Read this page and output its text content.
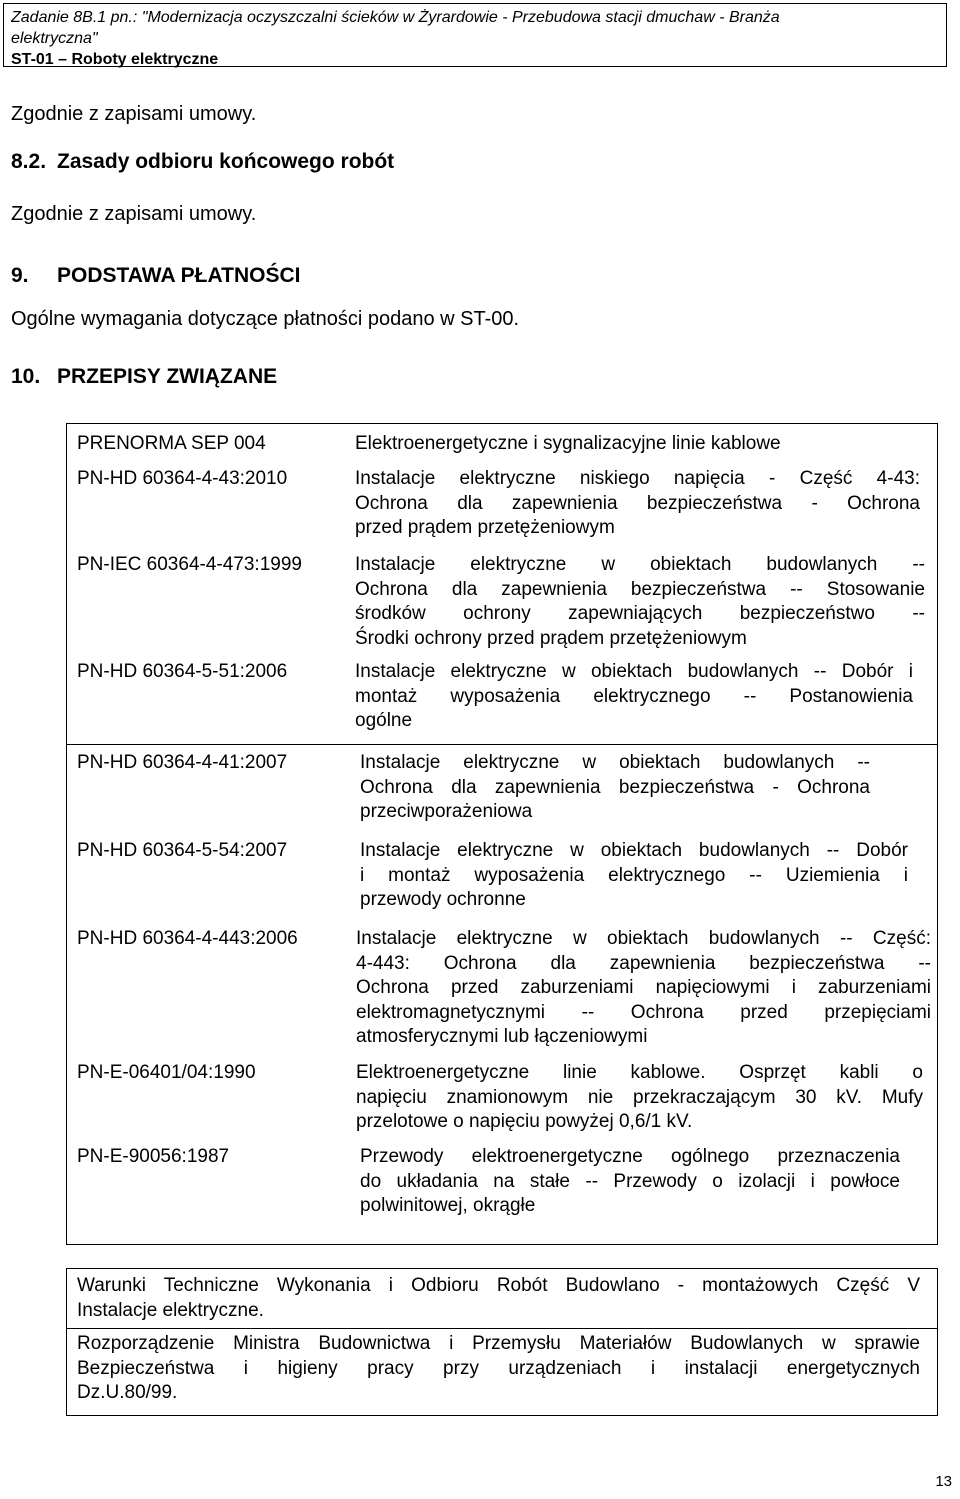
Zadanie 8B.1 pn.: "Modernizacja oczyszczalni ścieków w Żyrardowie - Przebudowa stacji dmuchaw - Branża
elektryczna"
ST-01 – Roboty elektryczne
Zgodnie z zapisami umowy.
8.2. Zasady odbioru końcowego robót
Zgodnie z zapisami umowy.
9. PODSTAWA PŁATNOŚCI
Ogólne wymagania dotyczące płatności podano w ST-00.
10. PRZEPISY ZWIĄZANE
PRENORMA SEP 004	Elektroenergetyczne i sygnalizacyjne linie kablowe
PN-HD 60364-4-43:2010	Instalacje elektryczne niskiego napięcia - Część 4-43:
Ochrona dla zapewnienia bezpieczeństwa - Ochrona
przed prądem przetężeniowym
PN-IEC 60364-4-473:1999	Instalacje elektryczne w obiektach budowlanych --
Ochrona dla zapewnienia bezpieczeństwa -- Stosowanie
środków ochrony zapewniających bezpieczeństwo --
Środki ochrony przed prądem przetężeniowym
PN-HD 60364-5-51:2006	Instalacje elektryczne w obiektach budowlanych -- Dobór i
montaż wyposażenia elektrycznego -- Postanowienia
ogólne
PN-HD 60364-4-41:2007	Instalacje elektryczne w obiektach budowlanych --
Ochrona dla zapewnienia bezpieczeństwa - Ochrona
przeciwporażeniowa
PN-HD 60364-5-54:2007	Instalacje elektryczne w obiektach budowlanych -- Dobór
i montaż wyposażenia elektrycznego -- Uziemienia i
przewody ochronne
PN-HD 60364-4-443:2006	Instalacje elektryczne w obiektach budowlanych -- Część:
4-443: Ochrona dla zapewnienia bezpieczeństwa --
Ochrona przed zaburzeniami napięciowymi i zaburzeniami
elektromagnetycznymi -- Ochrona przed przepięciami
atmosferycznymi lub łączeniowymi
PN-E-06401/04:1990	Elektroenergetyczne linie kablowe. Osprzęt kabli o
napięciu znamionowym nie przekraczającym 30 kV. Mufy
przelotowe o napięciu powyżej 0,6/1 kV.
PN-E-90056:1987	Przewody elektroenergetyczne ogólnego przeznaczenia
do układania na stałe -- Przewody o izolacji i powłoce
polwinitowej, okrągłe
Warunki Techniczne Wykonania i Odbioru Robót Budowlano - montażowych Część V
Instalacje elektryczne.
Rozporządzenie Ministra Budownictwa i Przemysłu Materiałów Budowlanych w sprawie
Bezpieczeństwa i higieny pracy przy urządzeniach i instalacji energetycznych
Dz.U.80/99.
13
